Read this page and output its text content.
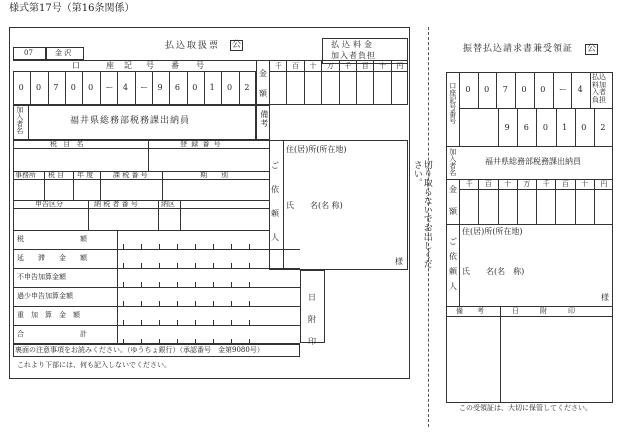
様式第17号（第16条関係）
払込取扱票 公	払込料金
加入者負担
07	金 沢
口	座 記 号 番 号
0 0 7 0 0 ー 4 ー 9 6 0 1 0 2
金
額
千 百 十 万 千 百 十 円
加入者名	福井県総務部税務課出納員	備考
税 目 名	登 録 番 号
事務所 税 目 年 度	課 税 番 号	期　　別
申告区分	納 税 者 番 号	納区
ご
依
頼
人
住(居)所(所在地)
氏　　名(名 称)
様
税　　　　　　　　額
延　　滞　　金　　額
不申告加算金額
過少申告加算金額
重　加　算　金　額
合　　　　　　　　計
日
附
印
裏面の注意事項をお読みください。（ゆうちょ銀行）（承認番号　金第9080号）
これより下部には、何も記入しないでください。
切り取らないでお出しください。
振替払込請求書兼受領証 公
口座記号番号
払込料加入者負担
0 0 7 0 0 ー 4
9 6 0 1 0 2
加入者名	福井県総務部税務課出納員
金
額
千 百 十 万 千 百 十 円
ご
依
頼
人
住(居)所(所在地)
氏　　名(名　称)
様
備　　考	日　　　附　　　印
この受領証は、大切に保管してください。
